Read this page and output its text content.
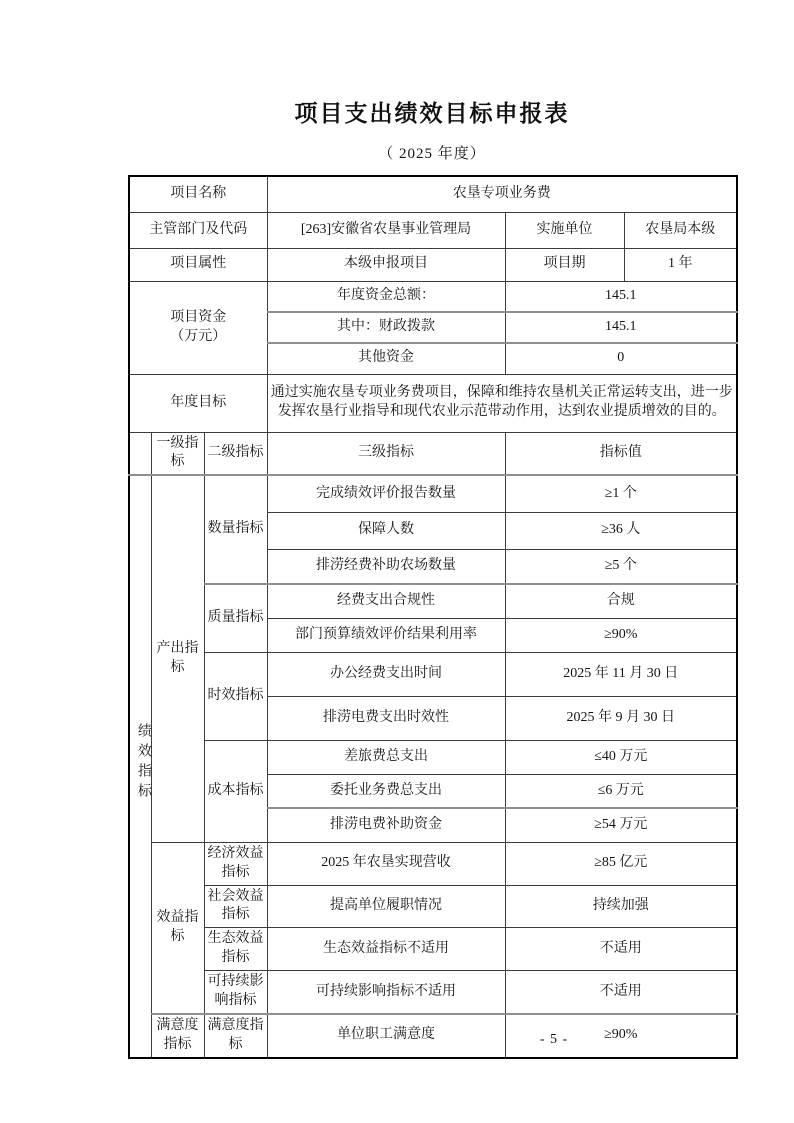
项目支出绩效目标申报表
（ 2025 年度）
项目名称			农垦专项业务费		
主管部门及代码			[263]安徽省农垦事业管理局	实施单位	农垦局本级
项目属性			本级申报项目	项目期	1 年

项目资金
（万元）			年度资金总额：	145.1	
			其中：财政拨款	145.1	
			其他资金	0	
年度目标			通过实施农垦专项业务费项目，保障和维持农垦机关正常运转支出，进一步发挥农垦行业指导和现代农业示范带动作用，达到农业提质增效的目的。		
	一级指标	二级指标	三级指标	指标值	
绩效指标	产出指标	数量指标	完成绩效评价报告数量	≥1 个	
			保障人数	≥36 人	
			排涝经费补助农场数量	≥5 个	
		质量指标	经费支出合规性	合规	
			部门预算绩效评价结果利用率	≥90%	
		时效指标	办公经费支出时间	2025 年 11 月 30 日	
			排涝电费支出时效性	2025 年 9 月 30 日	
		成本指标	差旅费总支出	≤40 万元	
			委托业务费总支出	≤6 万元	
			排涝电费补助资金	≥54 万元	
	效益指标	经济效益指标	2025 年农垦实现营收	≥85 亿元	
		社会效益指标	提高单位履职情况	持续加强	
		生态效益指标	生态效益指标不适用	不适用	
		可持续影响指标	可持续影响指标不适用	不适用	
	满意度指标	满意度指标	单位职工满意度	≥90%	
- 5 -
